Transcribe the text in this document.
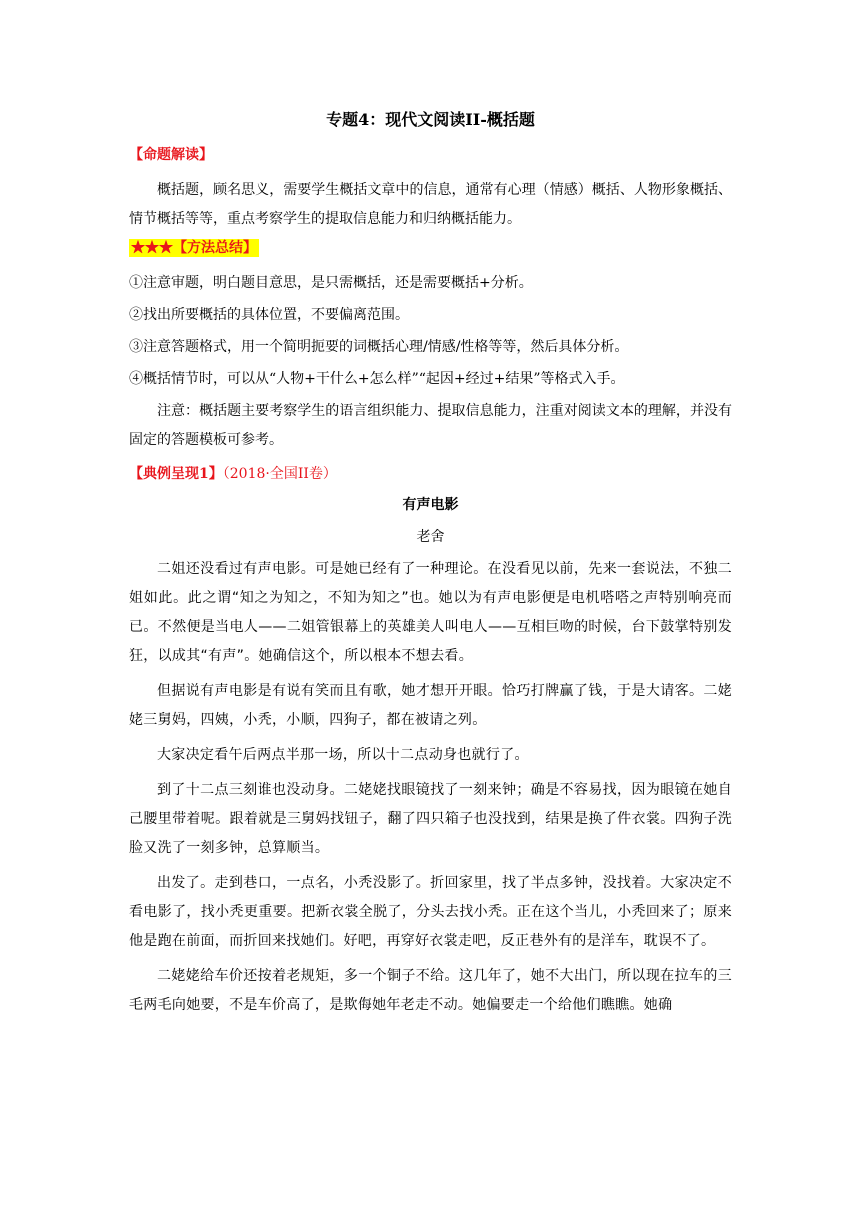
专题4：现代文阅读II-概括题
【命题解读】

概括题，顾名思义，需要学生概括文章中的信息，通常有心理（情感）概括、人物形象概括、情节概括等等，重点考察学生的提取信息能力和归纳概括能力。

★★★【方法总结】
①注意审题，明白题目意思，是只需概括，还是需要概括+分析。
②找出所要概括的具体位置，不要偏离范围。
③注意答题格式，用一个简明扼要的词概括心理/情感/性格等等，然后具体分析。
④概括情节时，可以从“人物+干什么+怎么样”“起因+经过+结果”等格式入手。

注意：概括题主要考察学生的语言组织能力、提取信息能力，注重对阅读文本的理解，并没有固定的答题模板可参考。

【典例呈现1】（2018·全国II卷）
有声电影
老舍

二姐还没看过有声电影。可是她已经有了一种理论。在没看见以前，先来一套说法，不独二姐如此。此之谓“知之为知之，不知为知之”也。她以为有声电影便是电机嗒嗒之声特别响亮而已。不然便是当电人——二姐管银幕上的英雄美人叫电人——互相巨吻的时候，台下鼓掌特别发狂，以成其“有声”。她确信这个，所以根本不想去看。

但据说有声电影是有说有笑而且有歌，她才想开开眼。恰巧打牌赢了钱，于是大请客。二姥姥三舅妈，四姨，小秃，小顺，四狗子，都在被请之列。

大家决定看午后两点半那一场，所以十二点动身也就行了。

到了十二点三刻谁也没动身。二姥姥找眼镜找了一刻来钟；确是不容易找，因为眼镜在她自己腰里带着呢。跟着就是三舅妈找钮子，翻了四只箱子也没找到，结果是换了件衣裳。四狗子洗脸又洗了一刻多钟，总算顺当。

出发了。走到巷口，一点名，小秃没影了。折回家里，找了半点多钟，没找着。大家决定不看电影了，找小秃更重要。把新衣裳全脱了，分头去找小秃。正在这个当儿，小秃回来了；原来他是跑在前面，而折回来找她们。好吧，再穿好衣裳走吧，反正巷外有的是洋车，耽误不了。

二姥姥给车价还按着老规矩，多一个铜子不给。这几年了，她不大出门，所以现在拉车的三毛两毛向她要，不是车价高了，是欺侮她年老走不动。她偏要走一个给他们瞧瞧。她确
